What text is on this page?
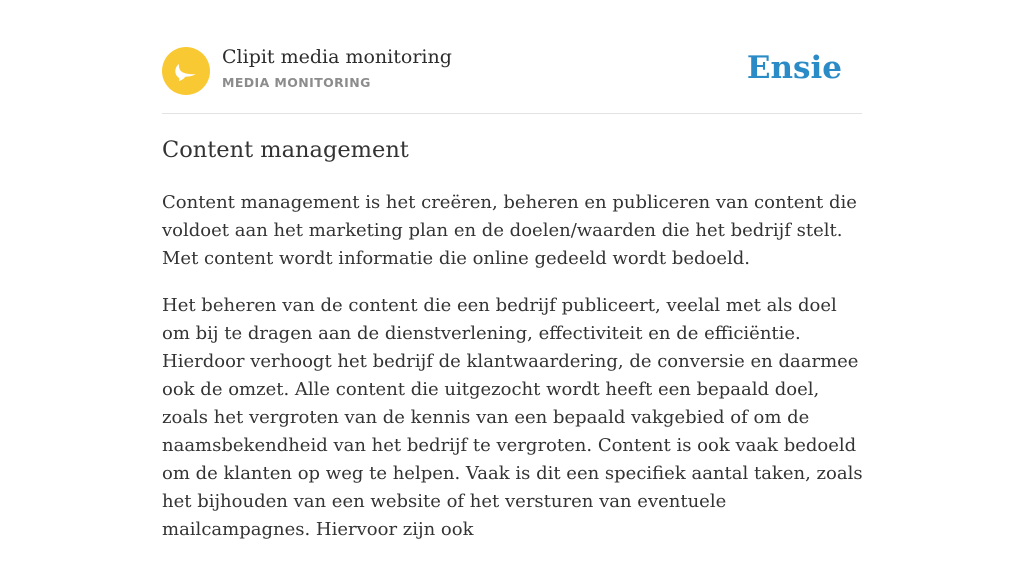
Clipit media monitoring
MEDIA MONITORING	Ensie
Content management

Content management is het creëren, beheren en publiceren van content die voldoet aan het marketing plan en de doelen/waarden die het bedrijf stelt. Met content wordt informatie die online gedeeld wordt bedoeld.

Het beheren van de content die een bedrijf publiceert, veelal met als doel om bij te dragen aan de dienstverlening, effectiviteit en de efficiëntie. Hierdoor verhoogt het bedrijf de klantwaardering, de conversie en daarmee ook de omzet. Alle content die uitgezocht wordt heeft een bepaald doel, zoals het vergroten van de kennis van een bepaald vakgebied of om de naamsbekendheid van het bedrijf te vergroten. Content is ook vaak bedoeld om de klanten op weg te helpen. Vaak is dit een specifiek aantal taken, zoals het bijhouden van een website of het versturen van eventuele mailcampagnes. Hiervoor zijn ook
